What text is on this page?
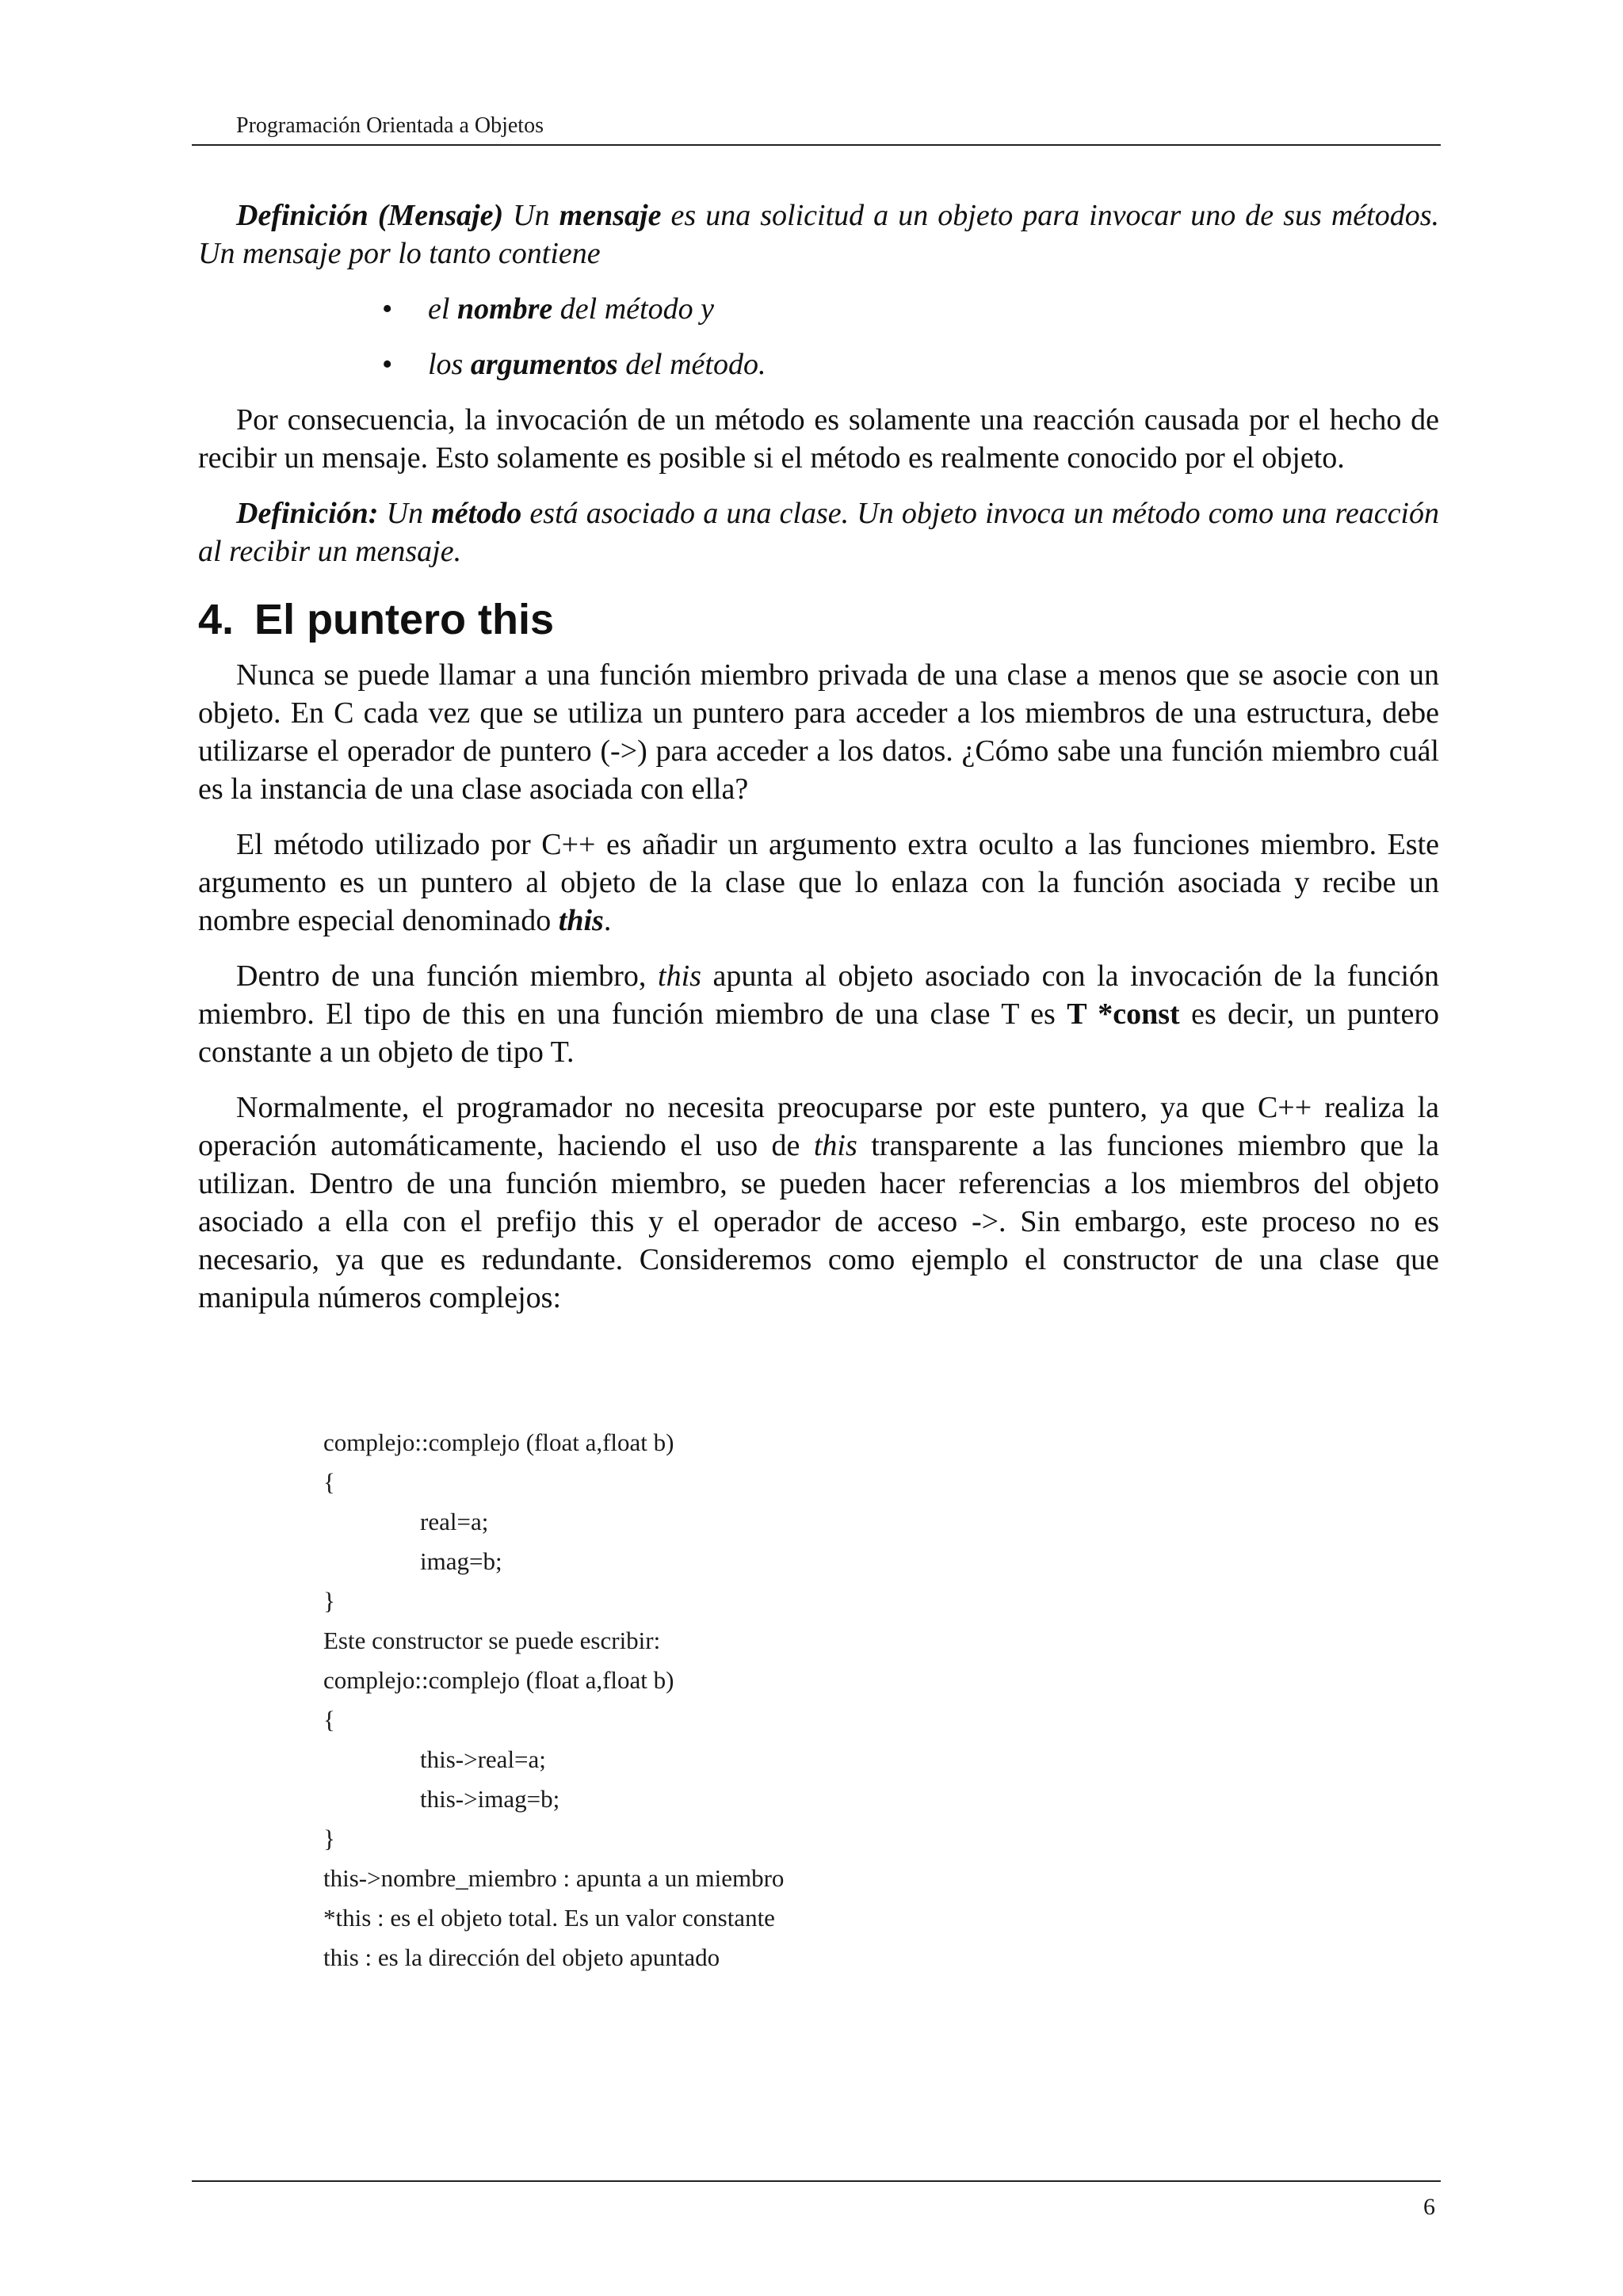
Programación Orientada a Objetos

Definición (Mensaje) Un mensaje es una solicitud a un objeto para invocar uno de sus métodos. Un mensaje por lo tanto contiene

• el nombre del método y
• los argumentos del método.

Por consecuencia, la invocación de un método es solamente una reacción causada por el hecho de recibir un mensaje. Esto solamente es posible si el método es realmente conocido por el objeto.

Definición: Un método está asociado a una clase. Un objeto invoca un método como una reacción al recibir un mensaje.

4. El puntero this

Nunca se puede llamar a una función miembro privada de una clase a menos que se asocie con un objeto. En C cada vez que se utiliza un puntero para acceder a los miembros de una estructura, debe utilizarse el operador de puntero (->) para acceder a los datos. ¿Cómo sabe una función miembro cuál es la instancia de una clase asociada con ella?

El método utilizado por C++ es añadir un argumento extra oculto a las funciones miembro. Este argumento es un puntero al objeto de la clase que lo enlaza con la función asociada y recibe un nombre especial denominado this.

Dentro de una función miembro, this apunta al objeto asociado con la invocación de la función miembro. El tipo de this en una función miembro de una clase T es T *const es decir, un puntero constante a un objeto de tipo T.

Normalmente, el programador no necesita preocuparse por este puntero, ya que C++ realiza la operación automáticamente, haciendo el uso de this transparente a las funciones miembro que la utilizan. Dentro de una función miembro, se pueden hacer referencias a los miembros del objeto asociado a ella con el prefijo this y el operador de acceso ->. Sin embargo, este proceso no es necesario, ya que es redundante. Consideremos como ejemplo el constructor de una clase que manipula números complejos:

complejo::complejo (float a,float b)
{
real=a;
imag=b;
}
Este constructor se puede escribir:
complejo::complejo (float a,float b)
{
this->real=a;
this->imag=b;
}
this->nombre_miembro : apunta a un miembro
*this : es el objeto total. Es un valor constante
this : es la dirección del objeto apuntado
6
